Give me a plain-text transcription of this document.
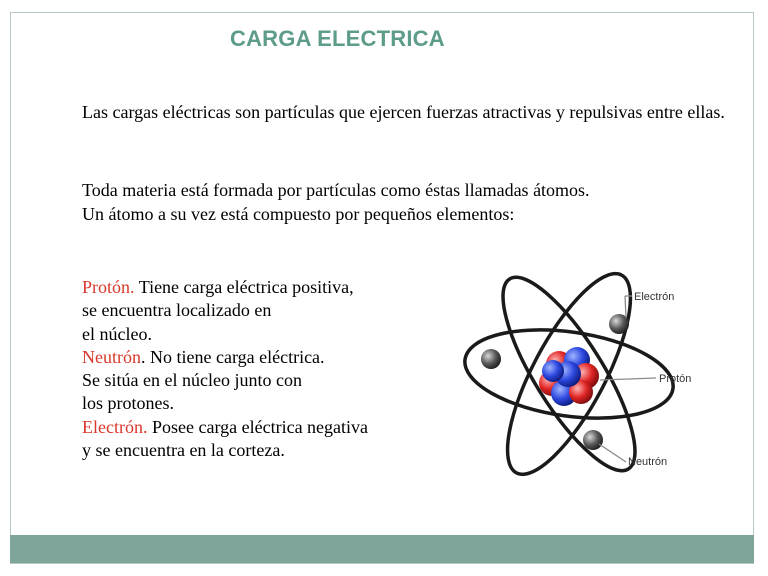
CARGA ELECTRICA
Las cargas eléctricas son partículas que ejercen fuerzas atractivas y repulsivas entre ellas.
Toda materia está formada por partículas como éstas llamadas átomos.
Un átomo a su vez está compuesto por pequeños elementos:
Protón. Tiene carga eléctrica positiva,
se encuentra localizado en
el núcleo.
Neutrón. No tiene carga eléctrica.
Se sitúa en el núcleo junto con
los protones.
Electrón. Posee carga eléctrica negativa
y se encuentra en la corteza.
Electrón
Protón
Neutrón
